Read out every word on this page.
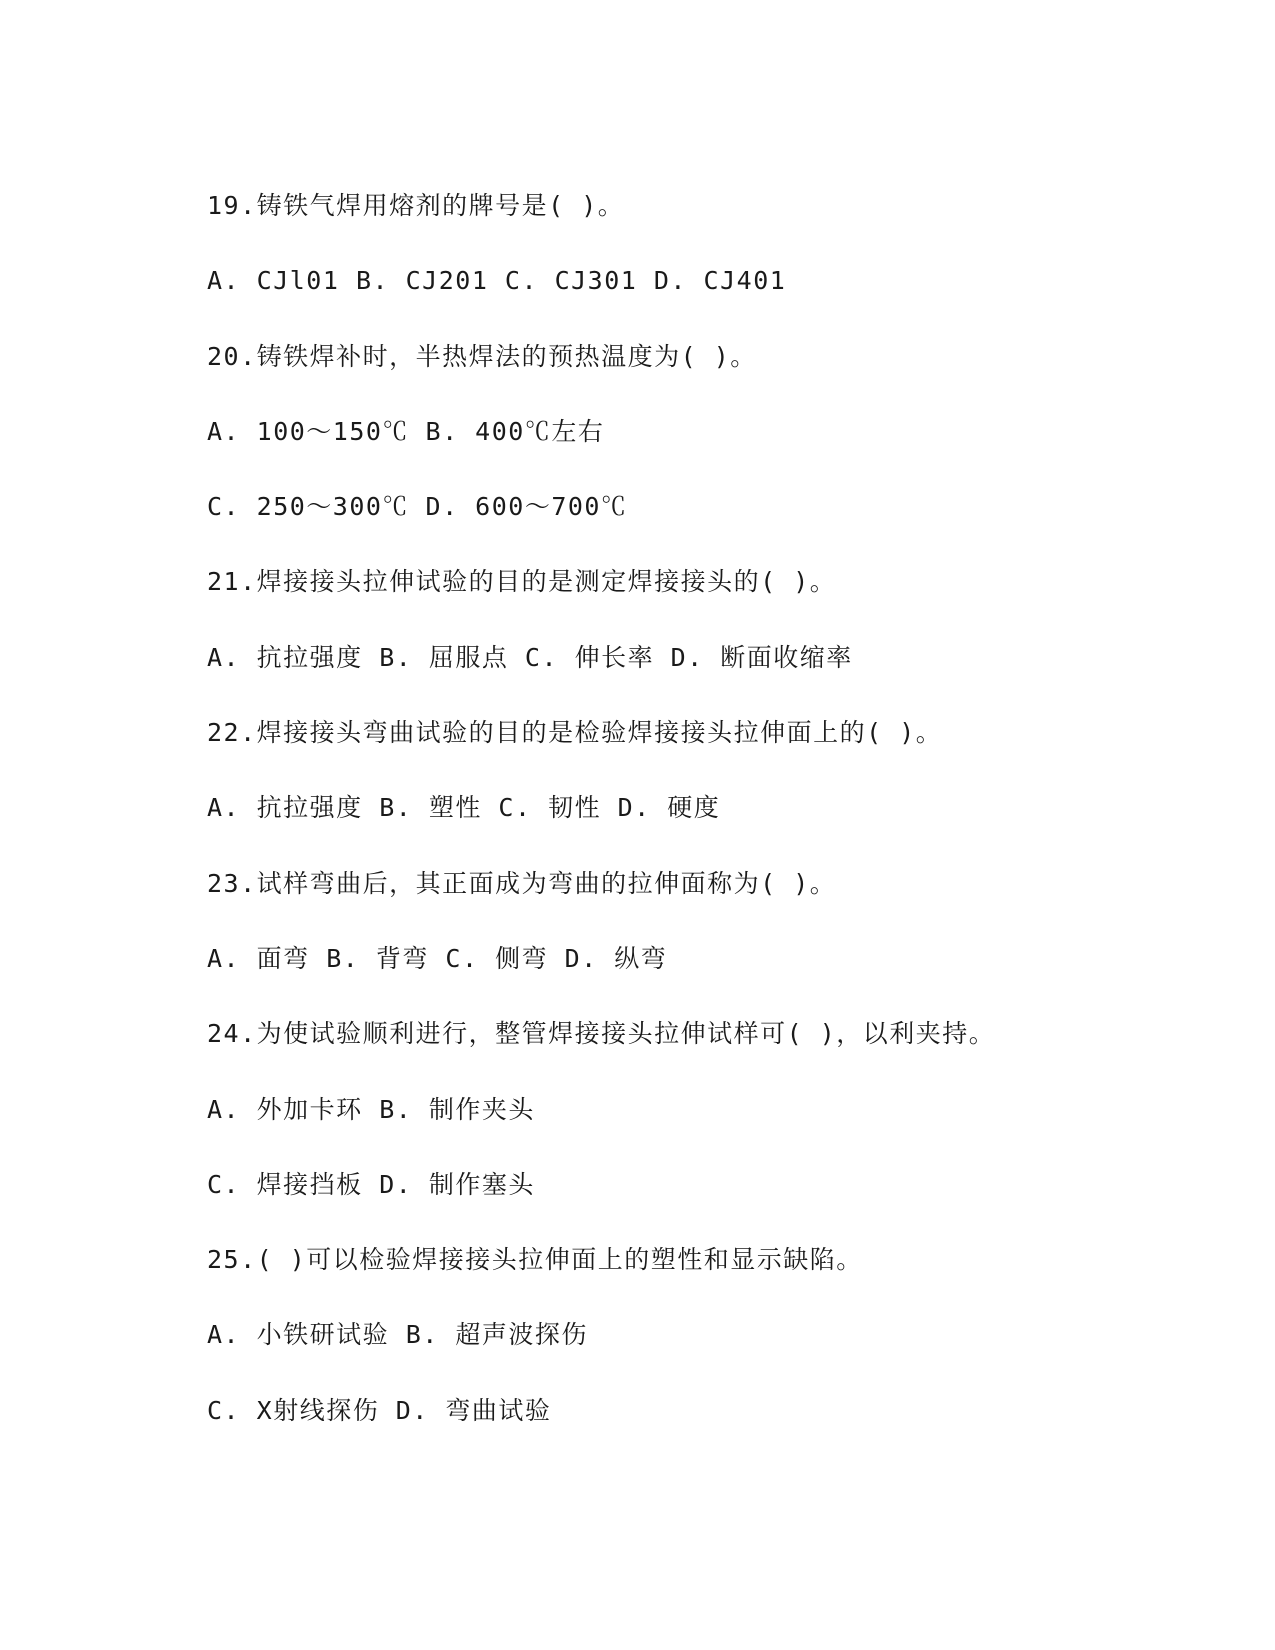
19.铸铁气焊用熔剂的牌号是( )。
A. CJl01 B. CJ201 C. CJ301 D. CJ401
20.铸铁焊补时，半热焊法的预热温度为( )。
A. 100～150℃ B. 400℃左右
C. 250～300℃ D. 600～700℃
21.焊接接头拉伸试验的目的是测定焊接接头的( )。
A. 抗拉强度 B. 屈服点 C. 伸长率 D. 断面收缩率
22.焊接接头弯曲试验的目的是检验焊接接头拉伸面上的( )。
A. 抗拉强度 B. 塑性 C. 韧性 D. 硬度
23.试样弯曲后，其正面成为弯曲的拉伸面称为( )。
A. 面弯 B. 背弯 C. 侧弯 D. 纵弯
24.为使试验顺利进行，整管焊接接头拉伸试样可( )，以利夹持。
A. 外加卡环 B. 制作夹头
C. 焊接挡板 D. 制作塞头
25.( )可以检验焊接接头拉伸面上的塑性和显示缺陷。
A. 小铁研试验 B. 超声波探伤
C. X射线探伤 D. 弯曲试验
